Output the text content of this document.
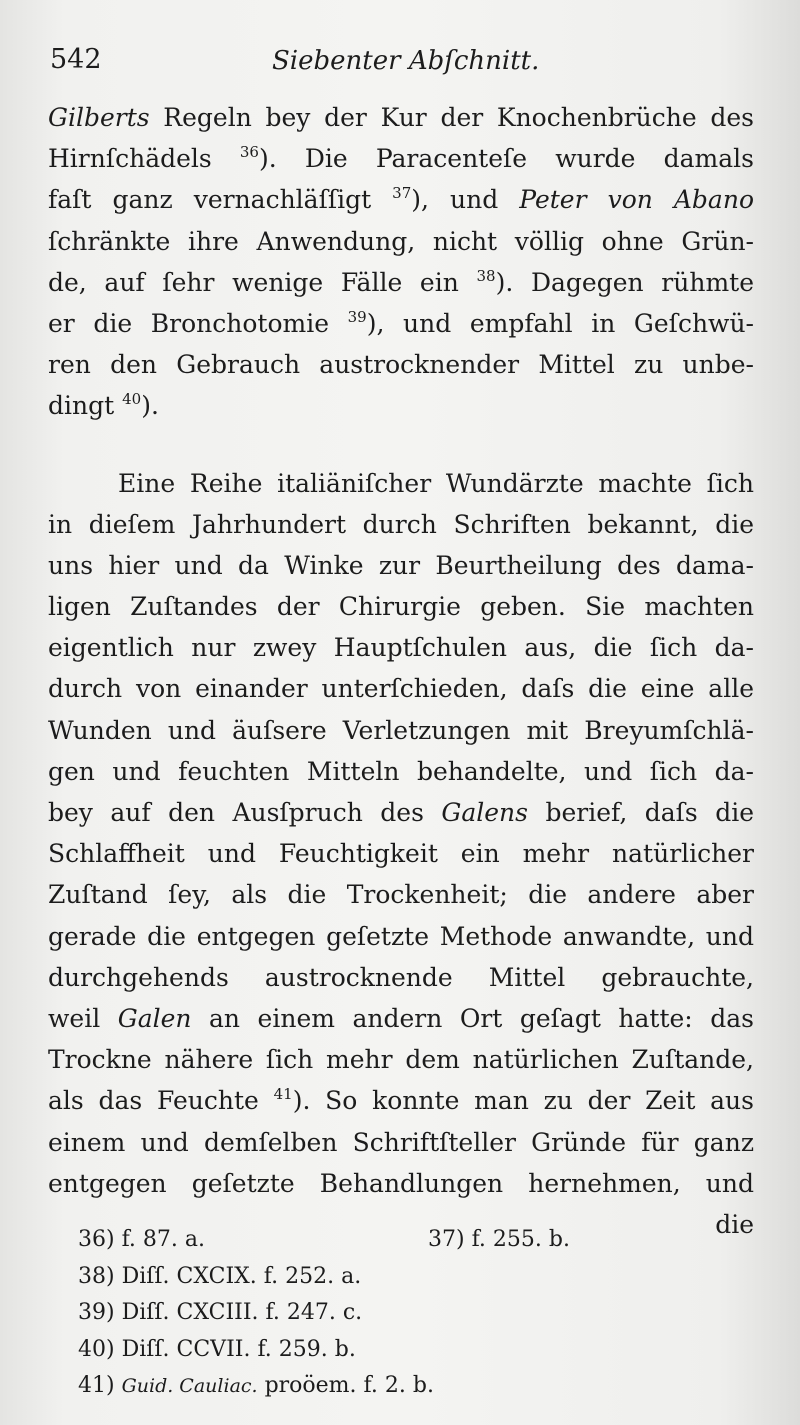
542	Siebenter Abſchnitt.
Gilberts Regeln bey der Kur der Knochenbrüche des
Hirnſchädels $^{36}$). Die Paracenteſe wurde damals
faſt ganz vernachläſſigt $^{37}$), und Peter von Abano
ſchränkte ihre Anwendung, nicht völlig ohne Grün-
de, auf ſehr wenige Fälle ein $^{38}$). Dagegen rühmte
er die Bronchotomie $^{39}$), und empfahl in Geſchwü-
ren den Gebrauch austrocknender Mittel zu unbe-
dingt $^{40}$).
Eine Reihe italiäniſcher Wundärzte machte ſich
in dieſem Jahrhundert durch Schriften bekannt, die
uns hier und da Winke zur Beurtheilung des dama-
ligen Zuſtandes der Chirurgie geben. Sie machten
eigentlich nur zwey Hauptſchulen aus, die ſich da-
durch von einander unterſchieden, daſs die eine alle
Wunden und äuſsere Verletzungen mit Breyumſchlä-
gen und feuchten Mitteln behandelte, und ſich da-
bey auf den Ausſpruch des Galens berief, daſs die
Schlaffheit und Feuchtigkeit ein mehr natürlicher
Zuſtand ſey, als die Trockenheit; die andere aber
gerade die entgegen geſetzte Methode anwandte, und
durchgehends austrocknende Mittel gebrauchte,
weil Galen an einem andern Ort geſagt hatte: das
Trockne nähere ſich mehr dem natürlichen Zuſtande,
als das Feuchte $^{41}$). So konnte man zu der Zeit aus
einem und demſelben Schriftſteller Gründe für ganz
entgegen geſetzte Behandlungen hernehmen, und
die
36) f. 87. a.	37) f. 255. b.
38) Diſſ. CXCIX. f. 252. a.
39) Diſſ. CXCIII. f. 247. c.
40) Diſſ. CCVII. f. 259. b.
41) Guid. Cauliac. proöem. f. 2. b.
